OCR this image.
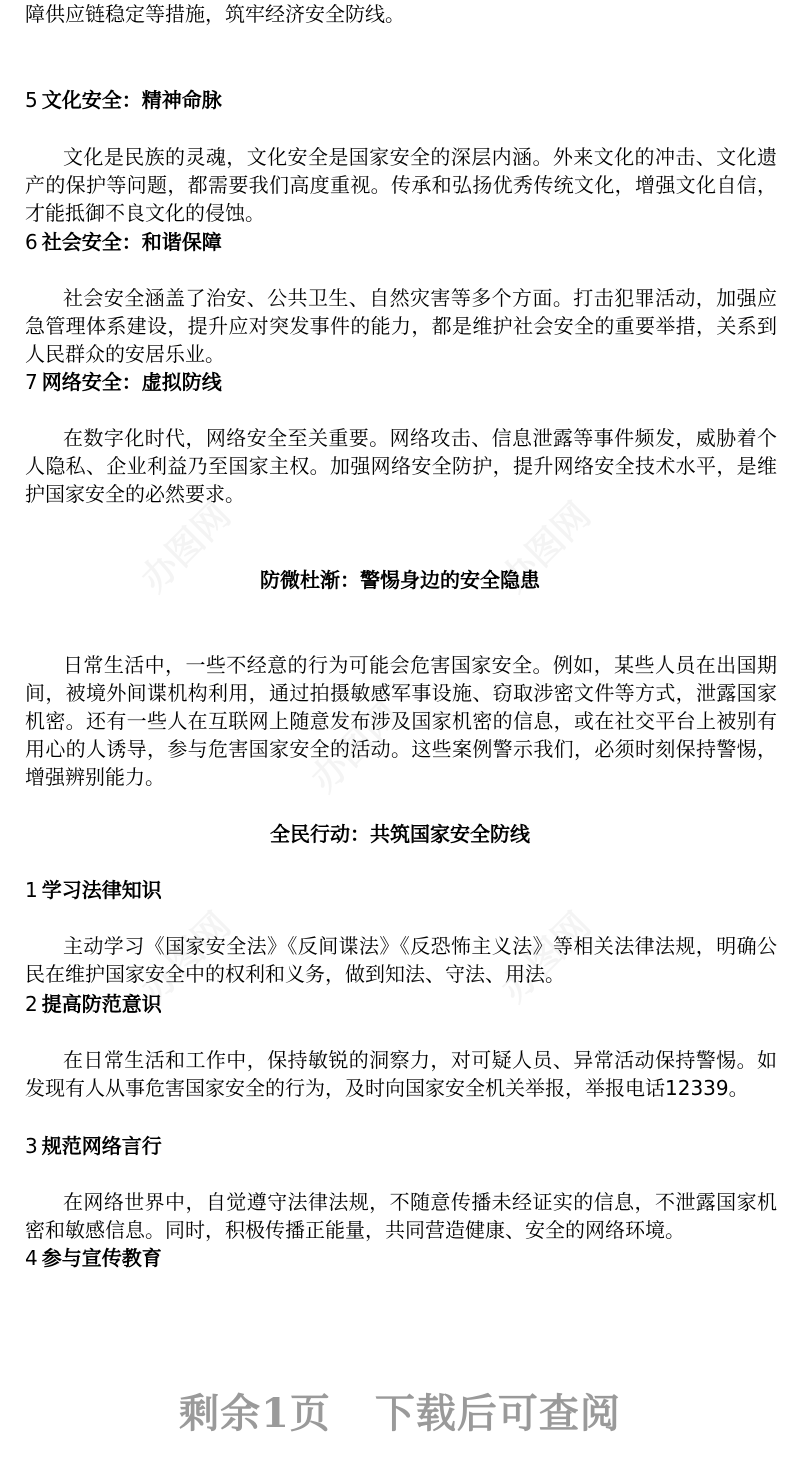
障供应链稳定等措施，筑牢经济安全防线。

5 文化安全：精神命脉

文化是民族的灵魂，文化安全是国家安全的深层内涵。外来文化的冲击、文化遗产的保护等问题，都需要我们高度重视。传承和弘扬优秀传统文化，增强文化自信，才能抵御不良文化的侵蚀。

6 社会安全：和谐保障

社会安全涵盖了治安、公共卫生、自然灾害等多个方面。打击犯罪活动，加强应急管理体系建设，提升应对突发事件的能力，都是维护社会安全的重要举措，关系到人民群众的安居乐业。

7 网络安全：虚拟防线

在数字化时代，网络安全至关重要。网络攻击、信息泄露等事件频发，威胁着个人隐私、企业利益乃至国家主权。加强网络安全防护，提升网络安全技术水平，是维护国家安全的必然要求。

防微杜渐：警惕身边的安全隐患

日常生活中，一些不经意的行为可能会危害国家安全。例如，某些人员在出国期间，被境外间谍机构利用，通过拍摄敏感军事设施、窃取涉密文件等方式，泄露国家机密。还有一些人在互联网上随意发布涉及国家机密的信息，或在社交平台上被别有用心的人诱导，参与危害国家安全的活动。这些案例警示我们，必须时刻保持警惕，增强辨别能力。

全民行动：共筑国家安全防线

1 学习法律知识

主动学习《国家安全法》《反间谍法》《反恐怖主义法》等相关法律法规，明确公民在维护国家安全中的权利和义务，做到知法、守法、用法。

2 提高防范意识

在日常生活和工作中，保持敏锐的洞察力，对可疑人员、异常活动保持警惕。如发现有人从事危害国家安全的行为，及时向国家安全机关举报，举报电话12339。

3 规范网络言行

在网络世界中，自觉遵守法律法规，不随意传播未经证实的信息，不泄露国家机密和敏感信息。同时，积极传播正能量，共同营造健康、安全的网络环境。

4 参与宣传教育

剩余1页 下载后可查阅
